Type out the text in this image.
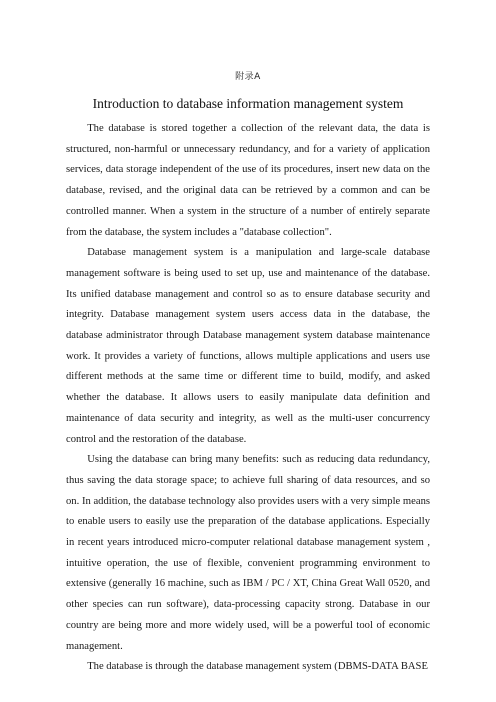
附录A
Introduction to database information management system

The database is stored together a collection of the relevant data, the data is structured, non-harmful or unnecessary redundancy, and for a variety of application services, data storage independent of the use of its procedures, insert new data on the database, revised, and the original data can be retrieved by a common and can be controlled manner. When a system in the structure of a number of entirely separate from the database, the system includes a "database collection".

Database management system is a manipulation and large-scale database management software is being used to set up, use and maintenance of the database. Its unified database management and control so as to ensure database security and integrity. Database management system users access data in the database, the database administrator through Database management system database maintenance work. It provides a variety of functions, allows multiple applications and users use different methods at the same time or different time to build, modify, and asked whether the database. It allows users to easily manipulate data definition and maintenance of data security and integrity, as well as the multi-user concurrency control and the restoration of the database.

Using the database can bring many benefits: such as reducing data redundancy, thus saving the data storage space; to achieve full sharing of data resources, and so on. In addition, the database technology also provides users with a very simple means to enable users to easily use the preparation of the database applications. Especially in recent years introduced micro-computer relational database management system , intuitive operation, the use of flexible, convenient programming environment to extensive (generally 16 machine, such as IBM / PC / XT, China Great Wall 0520, and other species can run software), data-processing capacity strong. Database in our country are being more and more widely used, will be a powerful tool of economic management.

The database is through the database management system (DBMS-DATA BASE
